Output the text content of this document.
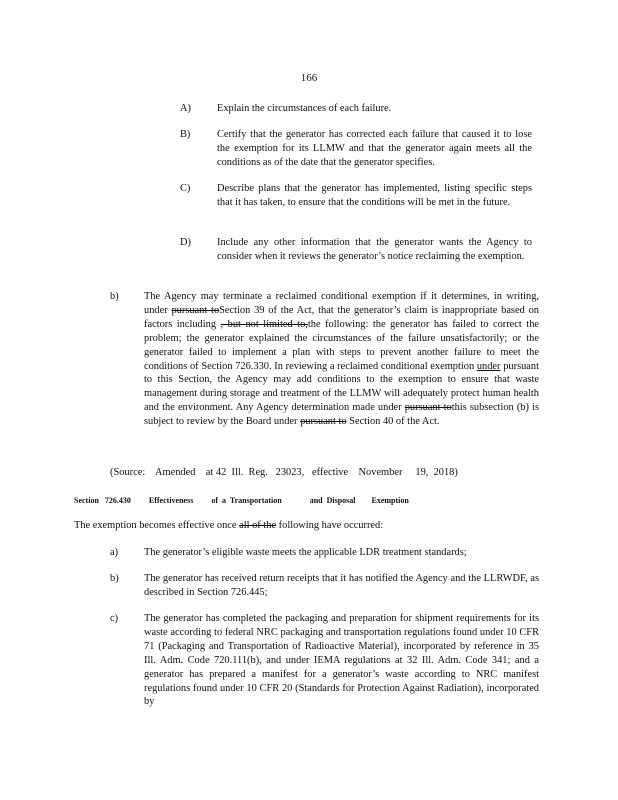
166
A)	Explain the circumstances of each failure.
B)	Certify that the generator has corrected each failure that caused it to lose the exemption for its LLMW and that the generator again meets all the conditions as of the date that the generator specifies.
C)	Describe plans that the generator has implemented, listing specific steps that it has taken, to ensure that the conditions will be met in the future.
D)	Include any other information that the generator wants the Agency to consider when it reviews the generator’s notice reclaiming the exemption.
b) The Agency may terminate a reclaimed conditional exemption if it determines, in writing, under pursuant toSection 39 of the Act, that the generator’s claim is inappropriate based on factors including , but not limited to,the following: the generator has failed to correct the problem; the generator explained the circumstances of the failure unsatisfactorily; or the generator failed to implement a plan with steps to prevent another failure to meet the conditions of Section 726.330. In reviewing a reclaimed conditional exemption under pursuant to this Section, the Agency may add conditions to the exemption to ensure that waste management during storage and treatment of the LLMW will adequately protect human health and the environment. Any Agency determination made under pursuant tothis subsection (b) is subject to review by the Board under pursuant to Section 40 of the Act.
(Source:    Amended    at 42  Ill.  Reg.   23023,   effective    November     19,  2018)
Section   726.430 Effectiveness         of  a  Transportation              and  Disposal        Exemption
The exemption becomes effective once all of the following have occurred:
a) The generator’s eligible waste meets the applicable LDR treatment standards;
b) The generator has received return receipts that it has notified the Agency and the LLRWDF, as described in Section 726.445;
c) The generator has completed the packaging and preparation for shipment requirements for its waste according to federal NRC packaging and transportation regulations found under 10 CFR 71 (Packaging and Transportation of Radioactive Material), incorporated by reference in 35 Ill. Adm. Code 720.111(b), and under IEMA regulations at 32 Ill. Adm. Code 341; and a generator has prepared a manifest for a generator’s waste according to NRC manifest regulations found under 10 CFR 20 (Standards for Protection Against Radiation), incorporated by
